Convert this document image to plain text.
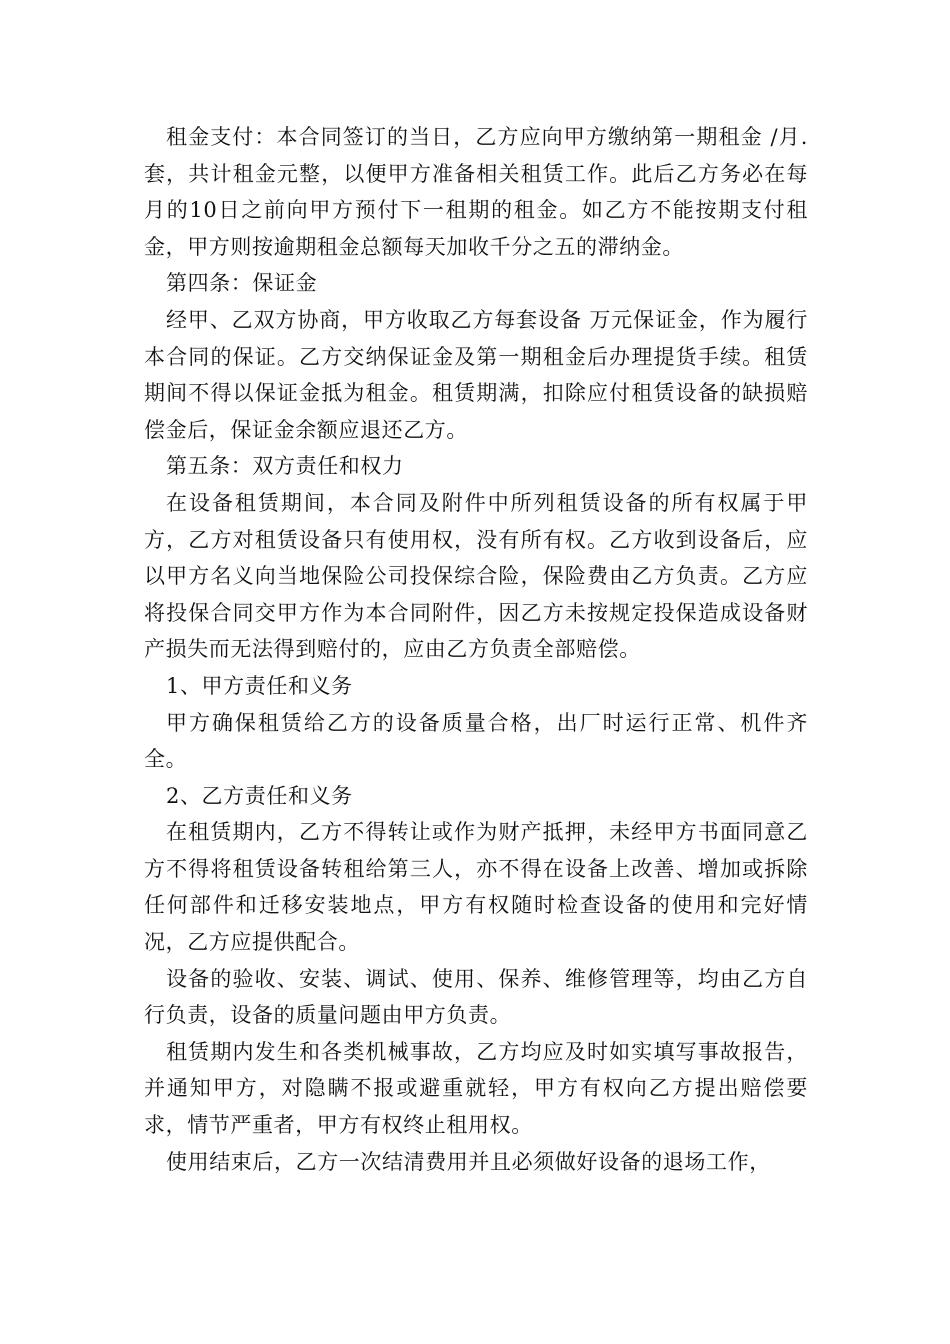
租金支付：本合同签订的当日，乙方应向甲方缴纳第一期租金 /月.套，共计租金元整，以便甲方准备相关租赁工作。此后乙方务必在每月的10日之前向甲方预付下一租期的租金。如乙方不能按期支付租金，甲方则按逾期租金总额每天加收千分之五的滞纳金。

第四条：保证金

经甲、乙双方协商，甲方收取乙方每套设备 万元保证金，作为履行本合同的保证。乙方交纳保证金及第一期租金后办理提货手续。租赁期间不得以保证金抵为租金。租赁期满，扣除应付租赁设备的缺损赔偿金后，保证金余额应退还乙方。

第五条：双方责任和权力

在设备租赁期间，本合同及附件中所列租赁设备的所有权属于甲方，乙方对租赁设备只有使用权，没有所有权。乙方收到设备后，应以甲方名义向当地保险公司投保综合险，保险费由乙方负责。乙方应将投保合同交甲方作为本合同附件，因乙方未按规定投保造成设备财产损失而无法得到赔付的，应由乙方负责全部赔偿。

1、甲方责任和义务

甲方确保租赁给乙方的设备质量合格，出厂时运行正常、机件齐全。

2、乙方责任和义务

在租赁期内，乙方不得转让或作为财产抵押，未经甲方书面同意乙方不得将租赁设备转租给第三人，亦不得在设备上改善、增加或拆除任何部件和迁移安装地点，甲方有权随时检查设备的使用和完好情况，乙方应提供配合。

设备的验收、安装、调试、使用、保养、维修管理等，均由乙方自行负责，设备的质量问题由甲方负责。

租赁期内发生和各类机械事故，乙方均应及时如实填写事故报告，并通知甲方，对隐瞒不报或避重就轻，甲方有权向乙方提出赔偿要求，情节严重者，甲方有权终止租用权。

使用结束后，乙方一次结清费用并且必须做好设备的退场工作，
